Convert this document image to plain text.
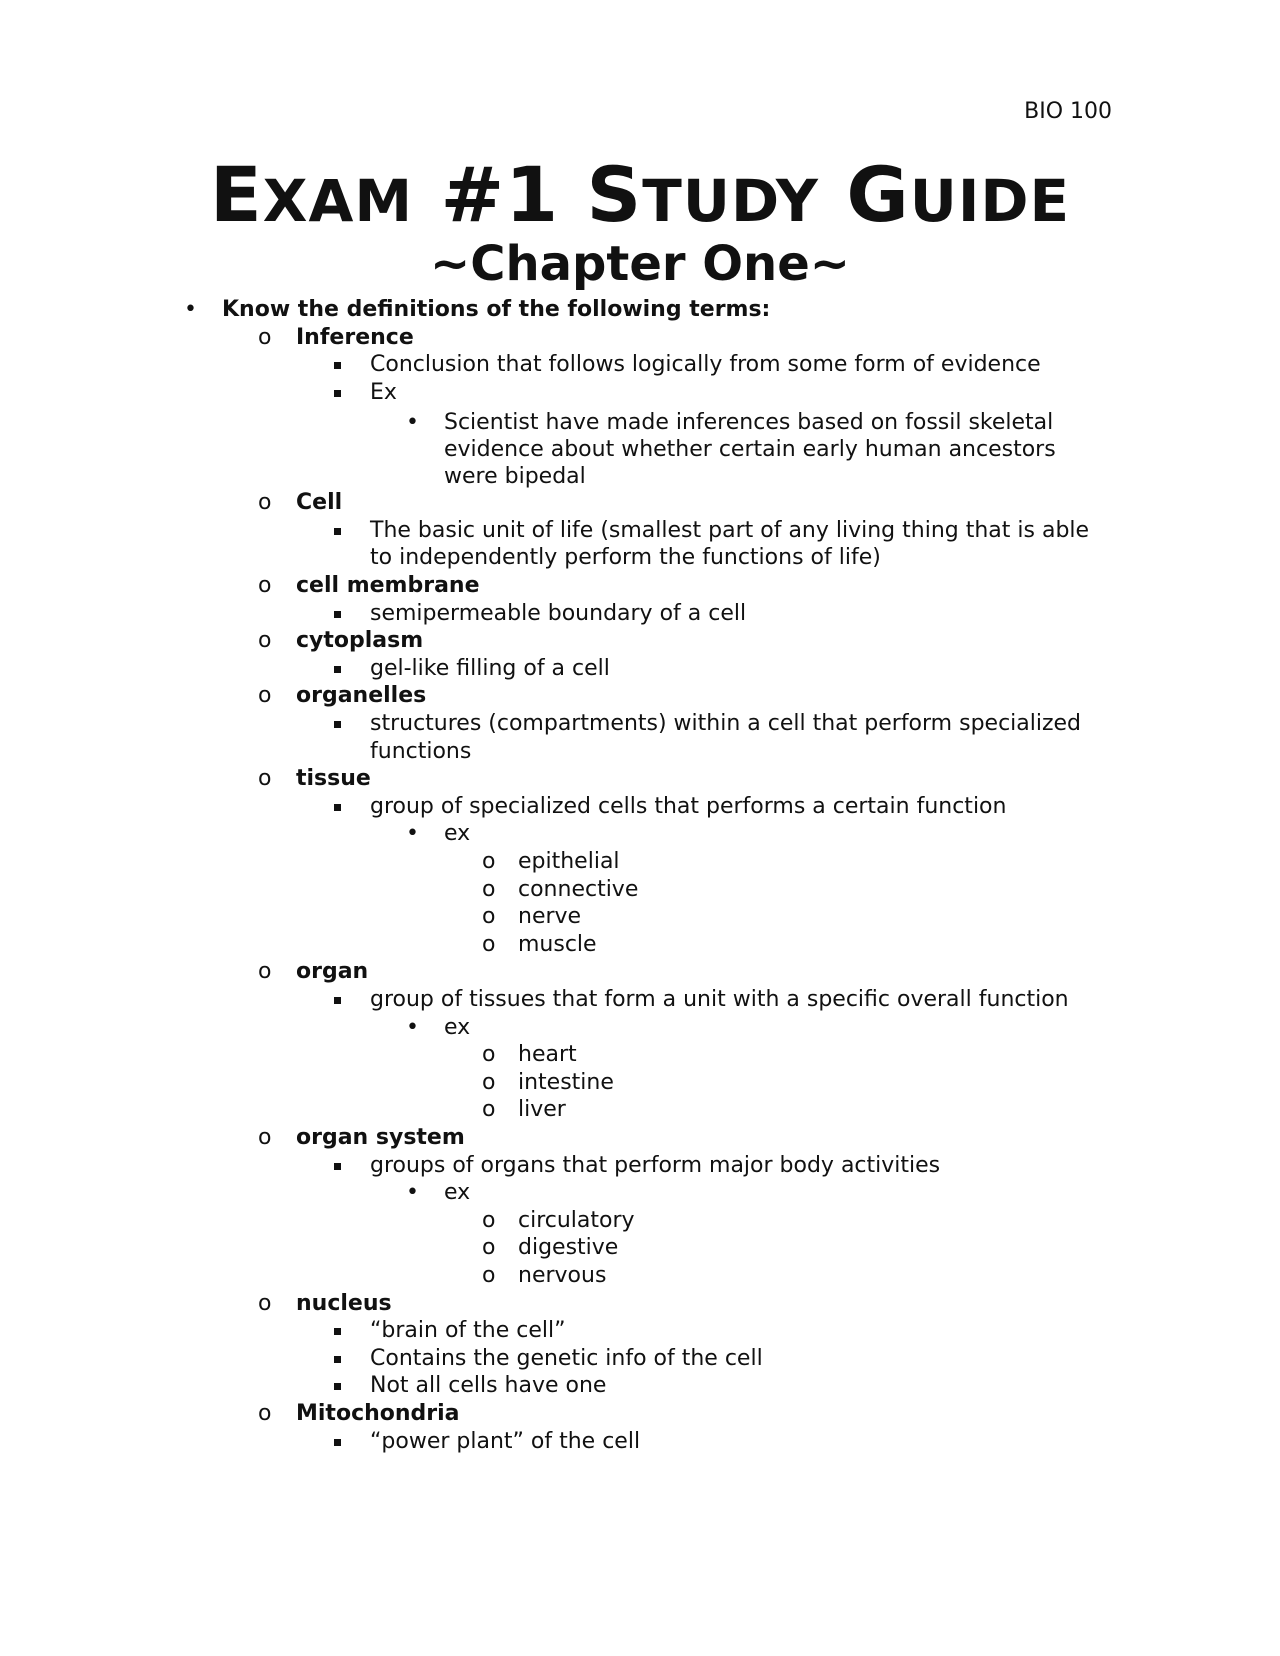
BIO 100
EXAM #1 STUDY GUIDE
~Chapter One~
• Know the definitions of the following terms:
o Inference
Conclusion that follows logically from some form of evidence
Ex
• Scientist have made inferences based on fossil skeletal
evidence about whether certain early human ancestors
were bipedal
o Cell
The basic unit of life (smallest part of any living thing that is able
to independently perform the functions of life)
o cell membrane
semipermeable boundary of a cell
o cytoplasm
gel-like filling of a cell
o organelles
structures (compartments) within a cell that perform specialized
functions
o tissue
group of specialized cells that performs a certain function
• ex
o epithelial
o connective
o nerve
o muscle
o organ
group of tissues that form a unit with a specific overall function
• ex
o heart
o intestine
o liver
o organ system
groups of organs that perform major body activities
• ex
o circulatory
o digestive
o nervous
o nucleus
“brain of the cell”
Contains the genetic info of the cell
Not all cells have one
o Mitochondria
“power plant” of the cell
